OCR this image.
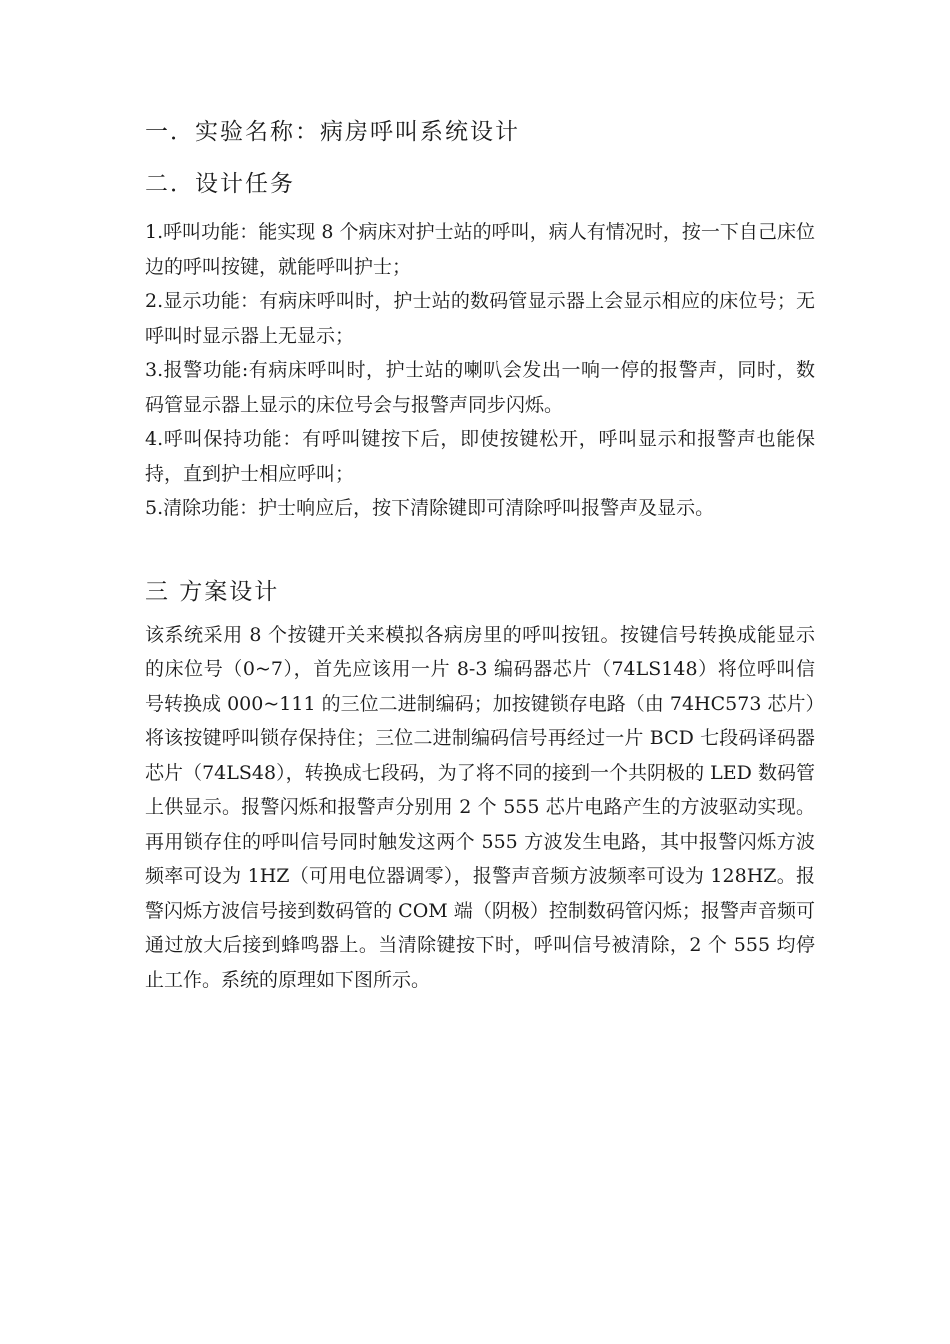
一．实验名称：病房呼叫系统设计
二．设计任务

1.呼叫功能：能实现 8 个病床对护士站的呼叫，病人有情况时，按一下自己床位边的呼叫按键，就能呼叫护士；

2.显示功能：有病床呼叫时，护士站的数码管显示器上会显示相应的床位号；无呼叫时显示器上无显示；

3.报警功能:有病床呼叫时，护士站的喇叭会发出一响一停的报警声，同时，数码管显示器上显示的床位号会与报警声同步闪烁。

4.呼叫保持功能：有呼叫键按下后，即使按键松开，呼叫显示和报警声也能保持，直到护士相应呼叫；

5.清除功能：护士响应后，按下清除键即可清除呼叫报警声及显示。

三 方案设计

该系统采用 8 个按键开关来模拟各病房里的呼叫按钮。按键信号转换成能显示的床位号（0~7），首先应该用一片 8-3 编码器芯片（74LS148）将位呼叫信号转换成 000~111 的三位二进制编码；加按键锁存电路（由 74HC573 芯片）将该按键呼叫锁存保持住；三位二进制编码信号再经过一片 BCD 七段码译码器芯片（74LS48），转换成七段码，为了将不同的接到一个共阴极的 LED 数码管上供显示。报警闪烁和报警声分别用 2 个 555 芯片电路产生的方波驱动实现。再用锁存住的呼叫信号同时触发这两个 555 方波发生电路，其中报警闪烁方波频率可设为 1HZ（可用电位器调零），报警声音频方波频率可设为 128HZ。报警闪烁方波信号接到数码管的 COM 端（阴极）控制数码管闪烁；报警声音频可通过放大后接到蜂鸣器上。当清除键按下时，呼叫信号被清除，2 个 555 均停止工作。系统的原理如下图所示。
